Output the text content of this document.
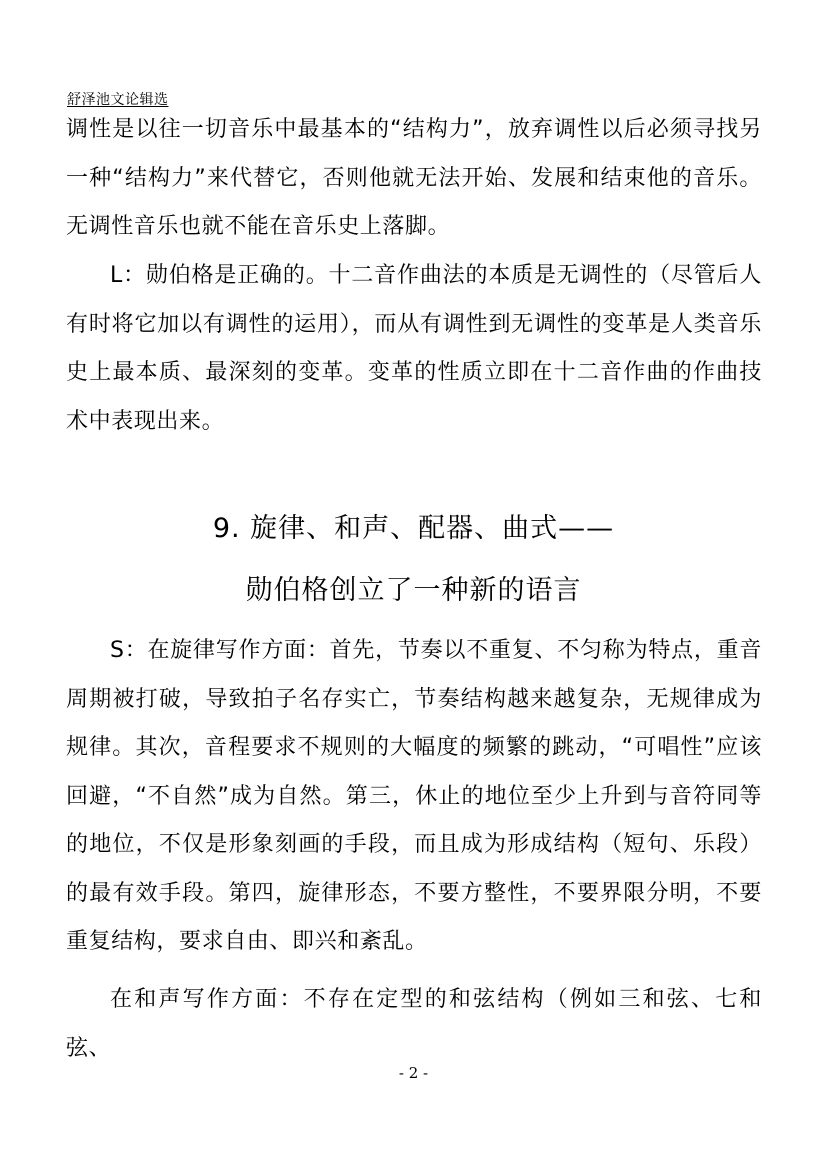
舒泽池文论辑选
调性是以往一切音乐中最基本的“结构力”，放弃调性以后必须寻找另一种“结构力”来代替它，否则他就无法开始、发展和结束他的音乐。无调性音乐也就不能在音乐史上落脚。
L：勋伯格是正确的。十二音作曲法的本质是无调性的（尽管后人有时将它加以有调性的运用），而从有调性到无调性的变革是人类音乐史上最本质、最深刻的变革。变革的性质立即在十二音作曲的作曲技术中表现出来。
9. 旋律、和声、配器、曲式——
勋伯格创立了一种新的语言
S：在旋律写作方面：首先，节奏以不重复、不匀称为特点，重音周期被打破，导致拍子名存实亡，节奏结构越来越复杂，无规律成为规律。其次，音程要求不规则的大幅度的频繁的跳动，“可唱性”应该回避，“不自然”成为自然。第三，休止的地位至少上升到与音符同等的地位，不仅是形象刻画的手段，而且成为形成结构（短句、乐段）的最有效手段。第四，旋律形态，不要方整性，不要界限分明，不要重复结构，要求自由、即兴和紊乱。
在和声写作方面：不存在定型的和弦结构（例如三和弦、七和弦、
- 2 -
